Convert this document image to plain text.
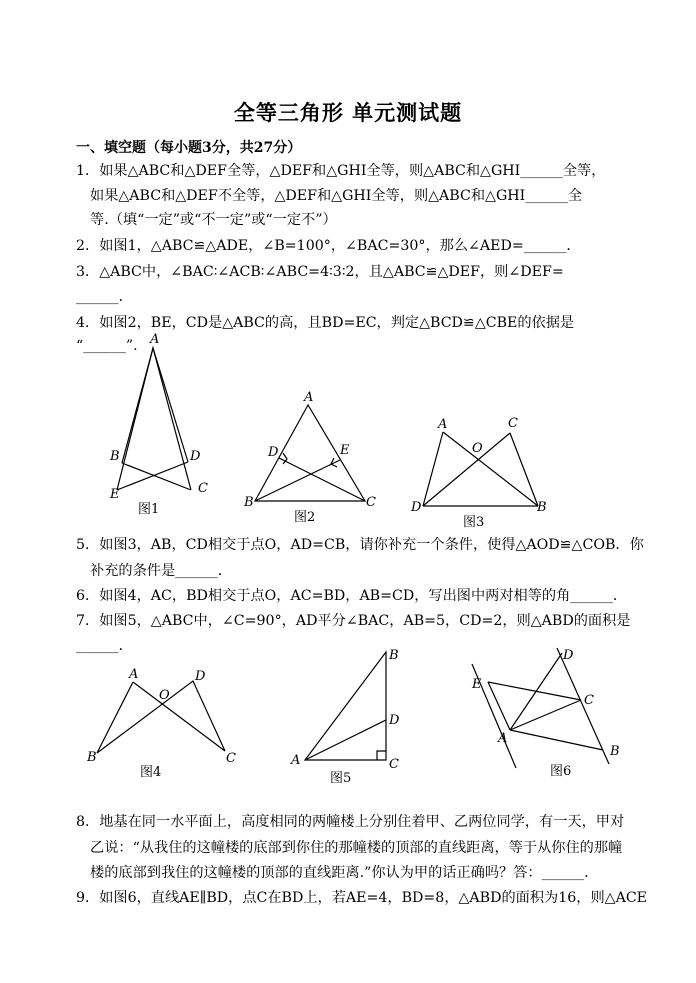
全等三角形 单元测试题
一、填空题（每小题3分，共27分）
1．如果△ABC和△DEF全等，△DEF和△GHI全等，则△ABC和△GHI______全等，
如果△ABC和△DEF不全等，△DEF和△GHI全等，则△ABC和△GHI______全
等.（填“一定”或“不一定”或“一定不”）
2．如图1，△ABC≌△ADE，∠B=100°，∠BAC=30°，那么∠AED=______．
3．△ABC中，∠BAC∶∠ACB∶∠ABC=4∶3∶2，且△ABC≌△DEF，则∠DEF=
______．
4．如图2，BE，CD是△ABC的高，且BD=EC，判定△BCD≌△CBE的依据是
“______”.
5．如图3，AB，CD相交于点O，AD=CB，请你补充一个条件，使得△AOD≌△COB．你
补充的条件是______．
6．如图4，AC，BD相交于点O，AC=BD，AB=CD，写出图中两对相等的角______．
7．如图5，△ABC中，∠C=90°，AD平分∠BAC，AB=5，CD=2，则△ABD的面积是
______．
8．地基在同一水平面上，高度相同的两幢楼上分别住着甲、乙两位同学，有一天，甲对
乙说：“从我住的这幢楼的底部到你住的那幢楼的顶部的直线距离，等于从你住的那幢
楼的底部到我住的这幢楼的顶部的直线距离.”你认为甲的话正确吗？答：______．
9．如图6，直线AE∥BD，点C在BD上，若AE=4，BD=8，△ABD的面积为16，则△ACE
A
B	D
E	C
图1
A
D	E
B	C
图2
A	C
O
D	B
图3
A	D
O
B	C
图4
B
D
A	C
图5
D
E
C
A
B
图6
